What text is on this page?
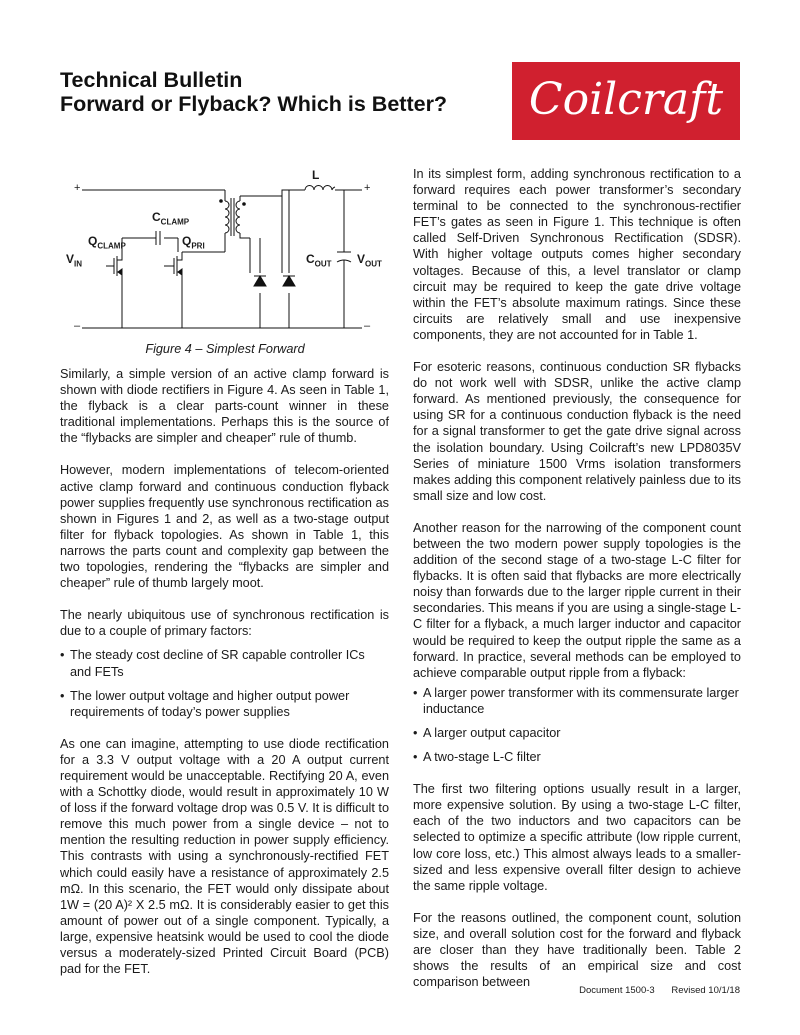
Technical Bulletin
Forward or Flyback? Which is Better?	Coilcraft
+	+
–	–
L
$C_{CLAMP}$
$Q_{CLAMP}$	$Q_{PRI}$
$V_{IN}$	$C_{OUT}$ $V_{OUT}$
Figure 4 – Simplest Forward

Similarly, a simple version of an active clamp forward is shown with diode rectifiers in Figure 4. As seen in Table 1, the flyback is a clear parts-count winner in these traditional implementations. Perhaps this is the source of the “flybacks are simpler and cheaper” rule of thumb.

However, modern implementations of telecom-oriented active clamp forward and continuous conduction flyback power supplies frequently use synchronous rectification as shown in Figures 1 and 2, as well as a two-stage output filter for flyback topologies. As shown in Table 1, this narrows the parts count and complexity gap between the two topologies, rendering the “flybacks are simpler and cheaper” rule of thumb largely moot.

The nearly ubiquitous use of synchronous rectification is due to a couple of primary factors:

• The steady cost decline of SR capable controller ICs and FETs
• The lower output voltage and higher output power requirements of today’s power supplies

As one can imagine, attempting to use diode rectification for a 3.3 V output voltage with a 20 A output current requirement would be unacceptable. Rectifying 20 A, even with a Schottky diode, would result in approximately 10 W of loss if the forward voltage drop was 0.5 V. It is difficult to remove this much power from a single device – not to mention the resulting reduction in power supply efficiency. This contrasts with using a synchronously-rectified FET which could easily have a resistance of approximately 2.5 mΩ. In this scenario, the FET would only dissipate about 1W = (20 A)² X 2.5 mΩ. It is considerably easier to get this amount of power out of a single component. Typically, a large, expensive heatsink would be used to cool the diode versus a moderately-sized Printed Circuit Board (PCB) pad for the FET.

In its simplest form, adding synchronous rectification to a forward requires each power transformer’s secondary terminal to be connected to the synchronous-rectifier FET’s gates as seen in Figure 1. This technique is often called Self-Driven Synchronous Rectification (SDSR). With higher voltage outputs comes higher secondary voltages. Because of this, a level translator or clamp circuit may be required to keep the gate drive voltage within the FET’s absolute maximum ratings. Since these circuits are relatively small and use inexpensive components, they are not accounted for in Table 1.

For esoteric reasons, continuous conduction SR flybacks do not work well with SDSR, unlike the active clamp forward. As mentioned previously, the consequence for using SR for a continuous conduction flyback is the need for a signal transformer to get the gate drive signal across the isolation boundary. Using Coilcraft’s new LPD8035V Series of miniature 1500 Vrms isolation transformers makes adding this component relatively painless due to its small size and low cost.

Another reason for the narrowing of the component count between the two modern power supply topologies is the addition of the second stage of a two-stage L-C filter for flybacks. It is often said that flybacks are more electrically noisy than forwards due to the larger ripple current in their secondaries. This means if you are using a single-stage L-C filter for a flyback, a much larger inductor and capacitor would be required to keep the output ripple the same as a forward. In practice, several methods can be employed to achieve comparable output ripple from a flyback:

• A larger power transformer with its commensurate larger inductance
• A larger output capacitor
• A two-stage L-C filter

The first two filtering options usually result in a larger, more expensive solution. By using a two-stage L-C filter, each of the two inductors and two capacitors can be selected to optimize a specific attribute (low ripple current, low core loss, etc.) This almost always leads to a smaller-sized and less expensive overall filter design to achieve the same ripple voltage.

For the reasons outlined, the component count, solution size, and overall solution cost for the forward and flyback are closer than they have traditionally been. Table 2 shows the results of an empirical size and cost comparison between

Document 1500-3 Revised 10/1/18
